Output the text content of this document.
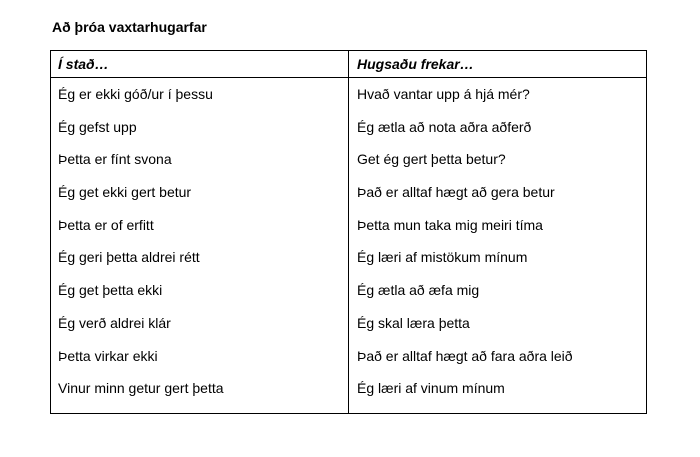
Að þróa vaxtarhugarfar
Í stað…	Hugsaðu frekar…
Ég er ekki góð/ur í þessu	Hvað vantar upp á hjá mér?
Ég gefst upp	Ég ætla að nota aðra aðferð
Þetta er fínt svona	Get ég gert þetta betur?
Ég get ekki gert betur	Það er alltaf hægt að gera betur
Þetta er of erfitt	Þetta mun taka mig meiri tíma
Ég geri þetta aldrei rétt	Ég læri af mistökum mínum
Ég get þetta ekki	Ég ætla að æfa mig
Ég verð aldrei klár	Ég skal læra þetta
Þetta virkar ekki	Það er alltaf hægt að fara aðra leið
Vinur minn getur gert þetta	Ég læri af vinum mínum
